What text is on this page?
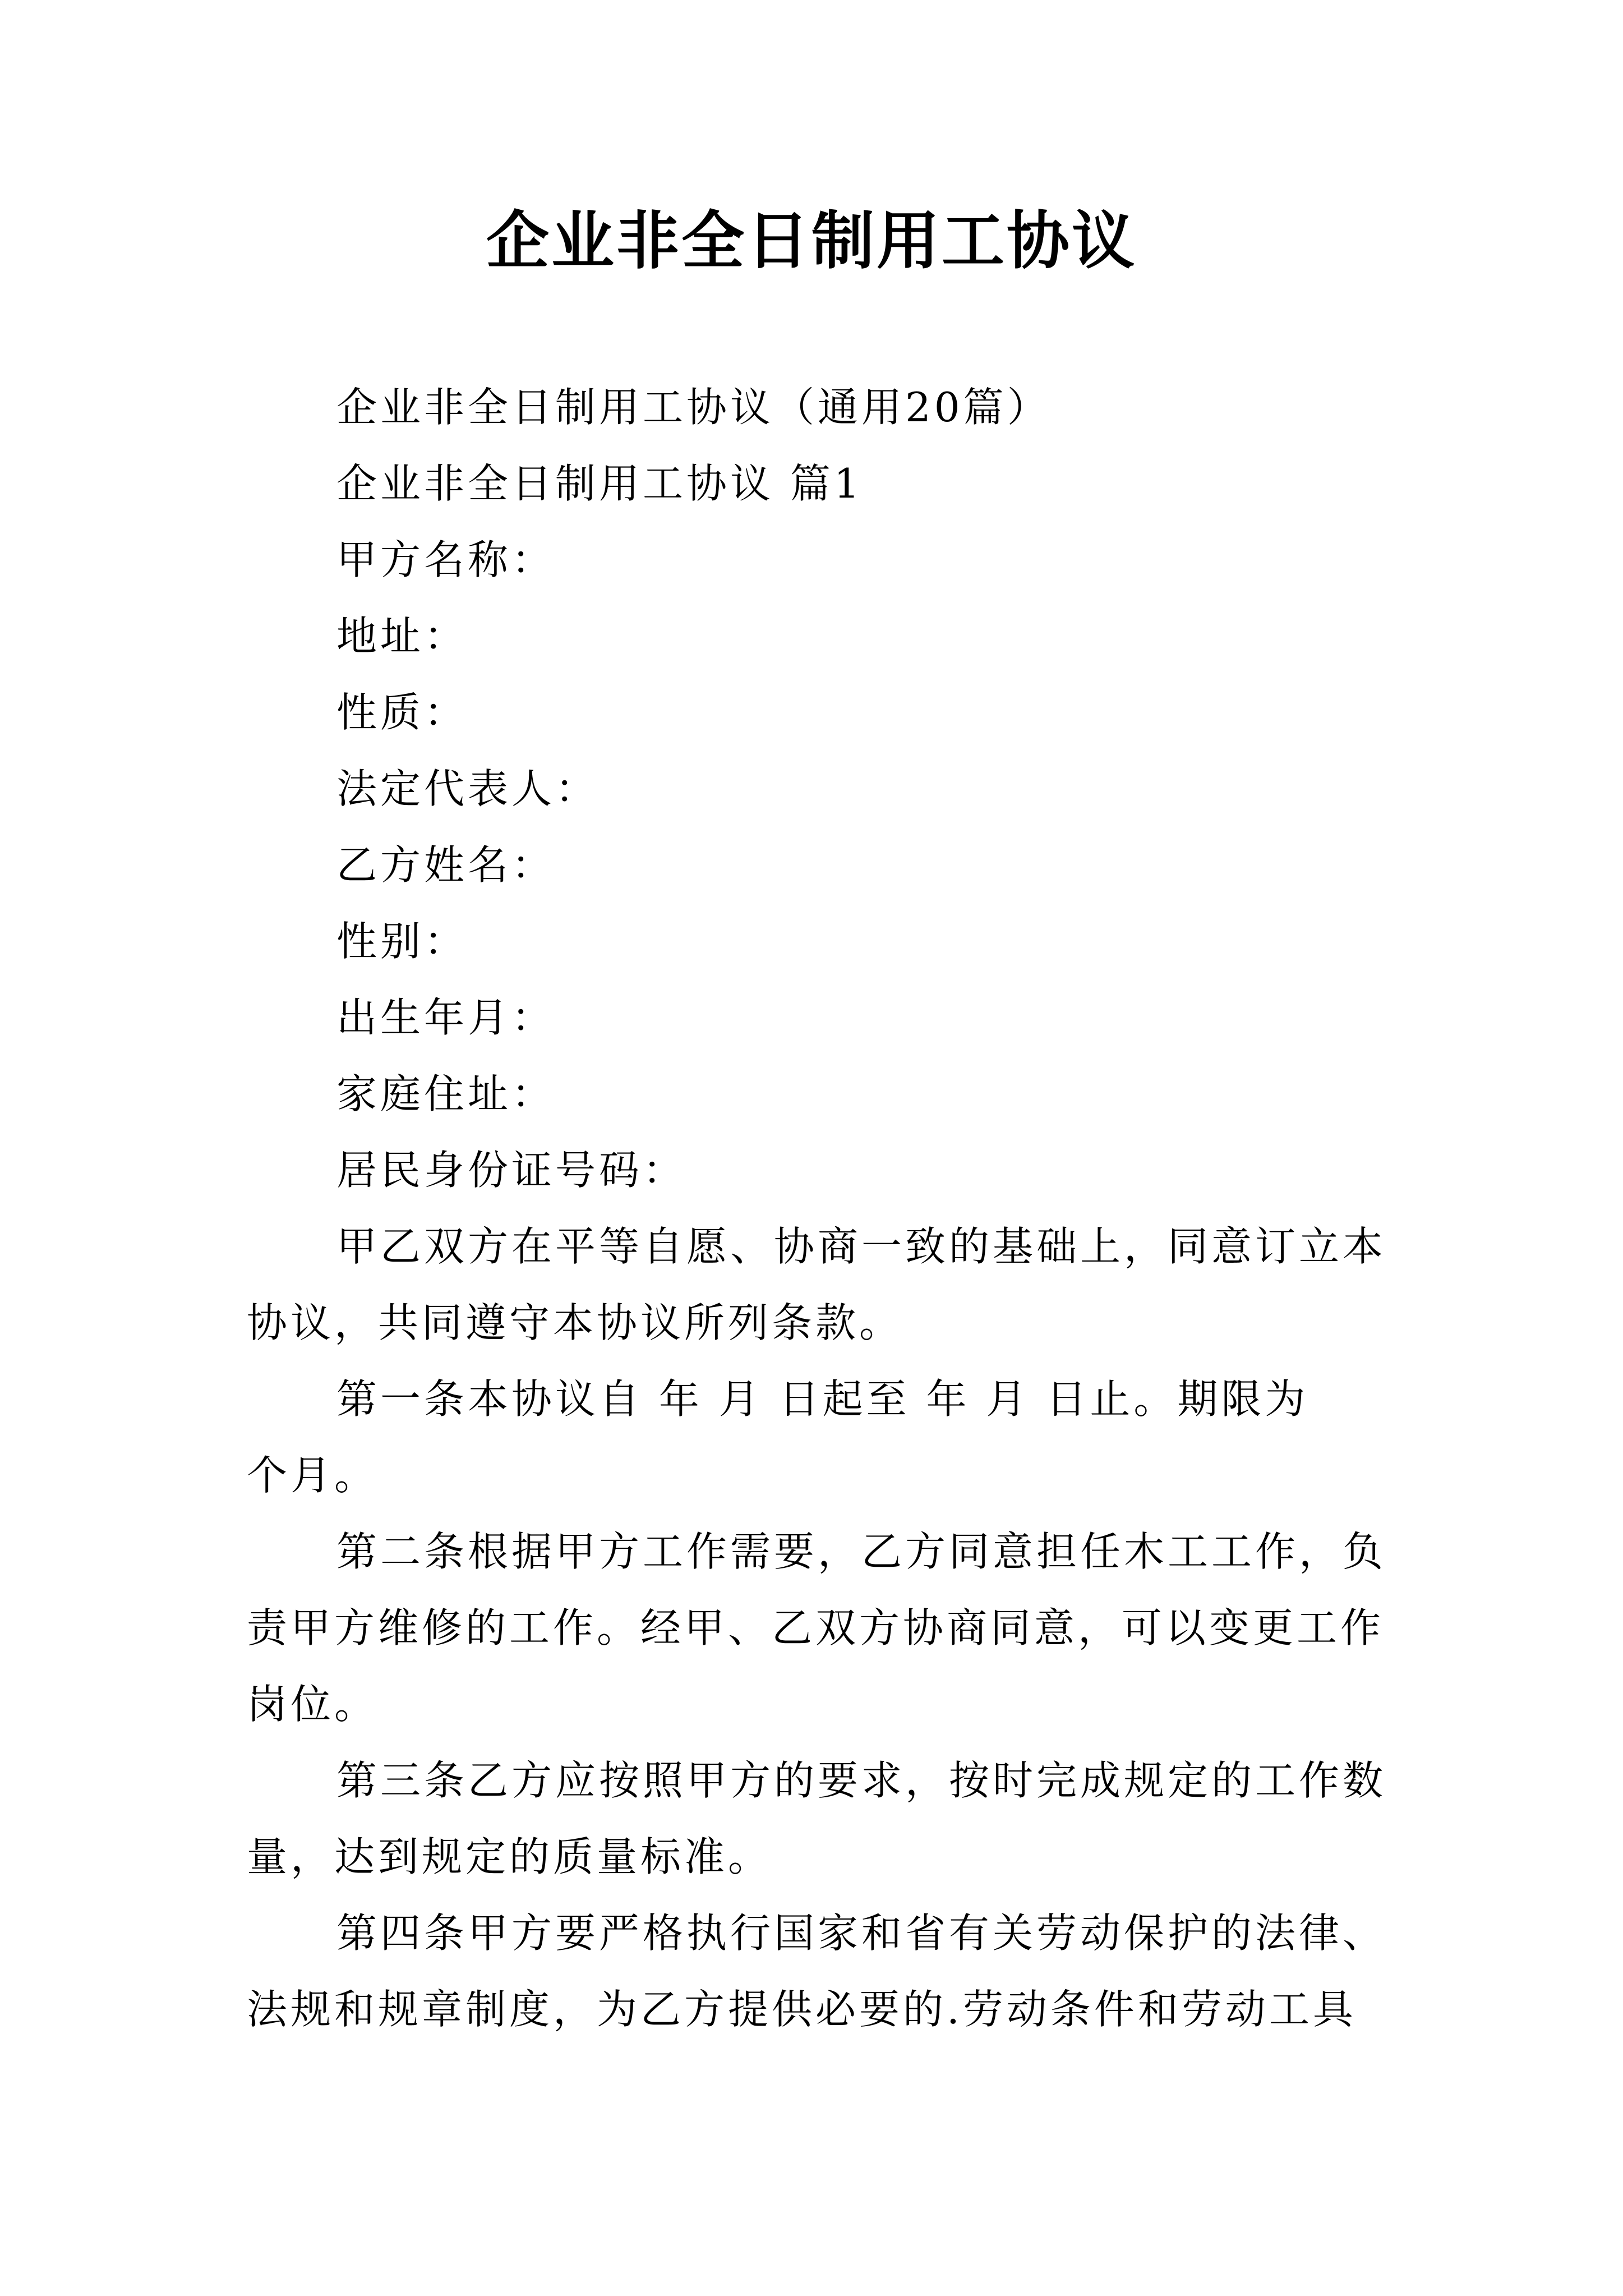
企业非全日制用工协议
企业非全日制用工协议（通用20篇）
企业非全日制用工协议 篇1
甲方名称：
地址：
性质：
法定代表人：
乙方姓名：
性别：
出生年月：
家庭住址：
居民身份证号码：
甲乙双方在平等自愿、协商一致的基础上，同意订立本
协议，共同遵守本协议所列条款。
第一条本协议自 年 月 日起至 年 月 日止。期限为
个月。
第二条根据甲方工作需要，乙方同意担任木工工作，负
责甲方维修的工作。经甲、乙双方协商同意，可以变更工作
岗位。
第三条乙方应按照甲方的要求，按时完成规定的工作数
量，达到规定的质量标准。
第四条甲方要严格执行国家和省有关劳动保护的法律、
法规和规章制度，为乙方提供必要的.劳动条件和劳动工具
